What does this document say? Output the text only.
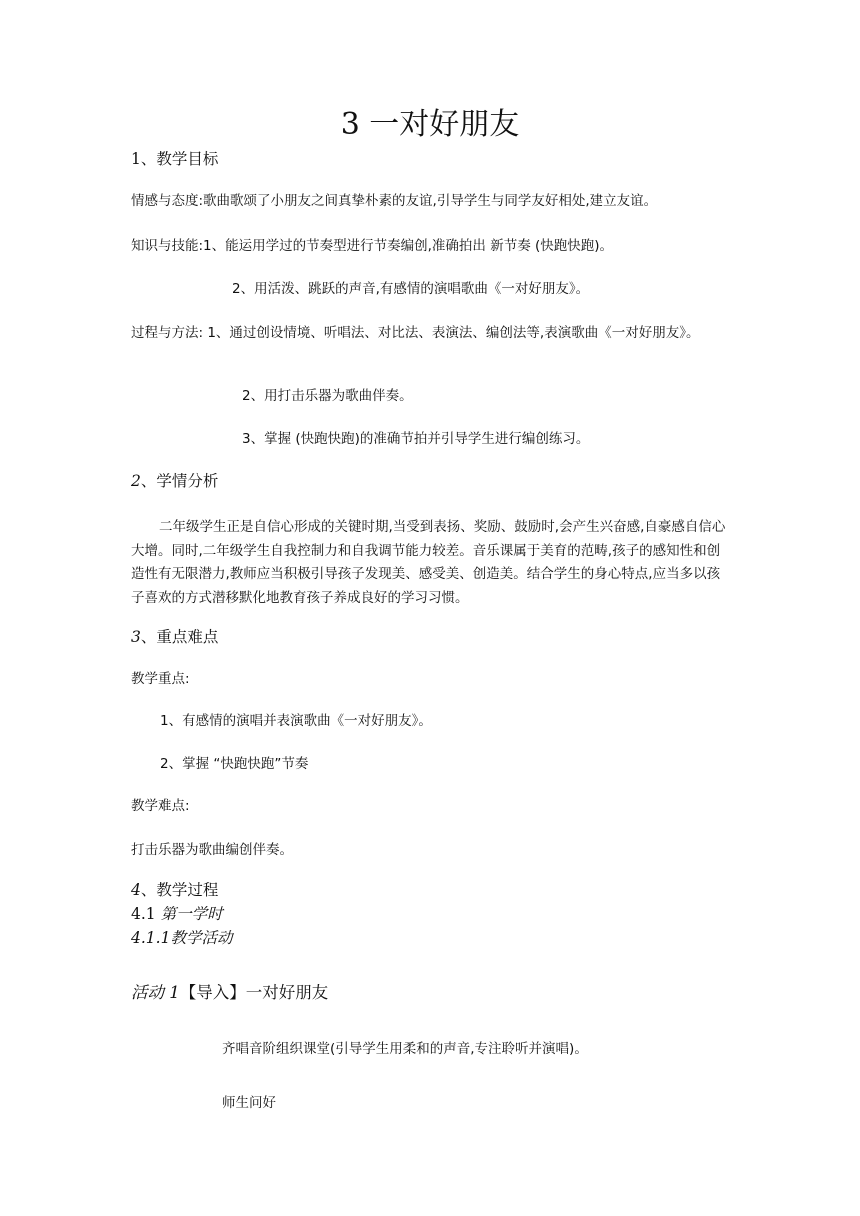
3 一对好朋友
1、教学目标
情感与态度:歌曲歌颂了小朋友之间真挚朴素的友谊,引导学生与同学友好相处,建立友谊。
知识与技能:1、能运用学过的节奏型进行节奏编创,准确拍出 新节奏 (快跑快跑)。
2、用活泼、跳跃的声音,有感情的演唱歌曲《一对好朋友》。
过程与方法: 1、通过创设情境、听唱法、对比法、表演法、编创法等,表演歌曲《一对好朋友》。
2、用打击乐器为歌曲伴奏。
3、掌握 (快跑快跑)的准确节拍并引导学生进行编创练习。
2、学情分析
二年级学生正是自信心形成的关键时期,当受到表扬、奖励、鼓励时,会产生兴奋感,自豪感自信心大增。同时,二年级学生自我控制力和自我调节能力较差。音乐课属于美育的范畴,孩子的感知性和创造性有无限潜力,教师应当积极引导孩子发现美、感受美、创造美。结合学生的身心特点,应当多以孩子喜欢的方式潜移默化地教育孩子养成良好的学习习惯。
3、重点难点
教学重点:
1、有感情的演唱并表演歌曲《一对好朋友》。
2、掌握 “快跑快跑”节奏
教学难点:
打击乐器为歌曲编创伴奏。
4、教学过程
4.1 第一学时
4.1.1教学活动
活动 1【导入】一对好朋友
齐唱音阶组织课堂(引导学生用柔和的声音,专注聆听并演唱)。
师生问好
